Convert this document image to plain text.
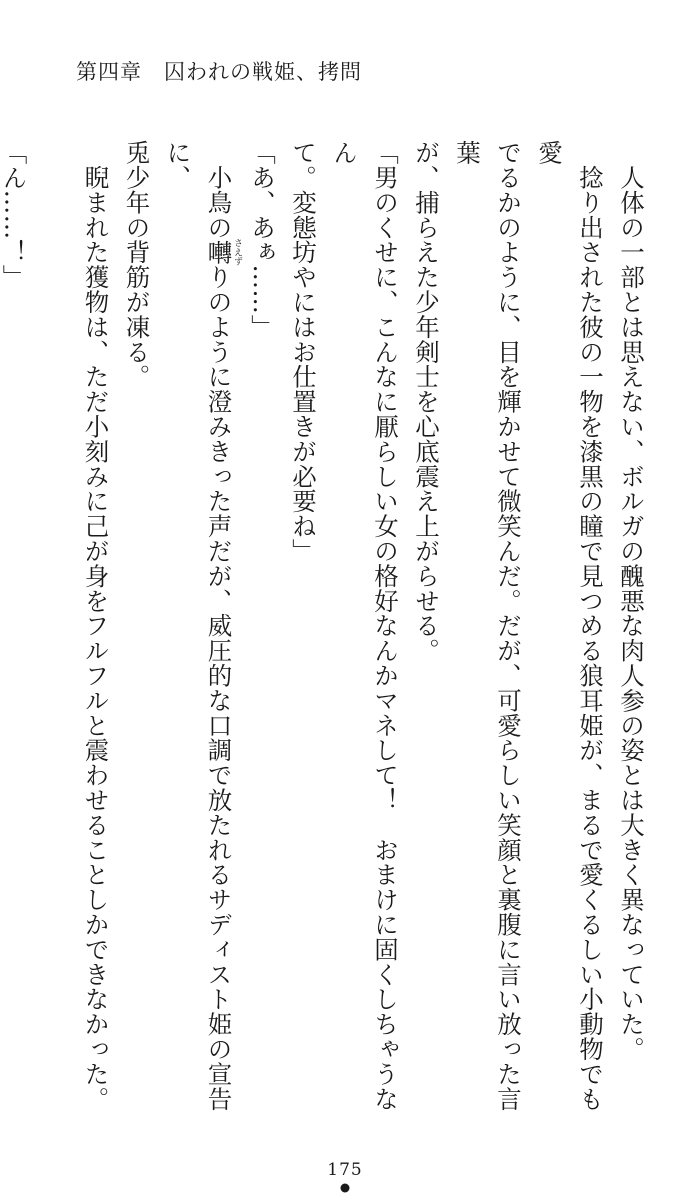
第四章　囚われの戦姫、拷問
　人体の一部とは思えない、ボルガの醜悪な肉人参の姿とは大きく異なっていた。
　捻り出された彼の一物を漆黒の瞳で見つめる狼耳姫が、まるで愛くるしい小動物でも愛
でるかのように、目を輝かせて微笑んだ。だが、可愛らしい笑顔と裏腹に言い放った言葉
が、捕らえた少年剣士を心底震え上がらせる。
「男のくせに、こんなに厭らしい女の格好なんかマネして！　おまけに固くしちゃうなん
て。変態坊やにはお仕置きが必要ね」
「あ、あぁ……」
　小鳥の囀さえずりのように澄みきった声だが、威圧的な口調で放たれるサディスト姫の宣告に、
兎少年の背筋が凍る。
　睨まれた獲物は、ただ小刻みに己が身をフルフルと震わせることしかできなかった。

「ん……！」
175
